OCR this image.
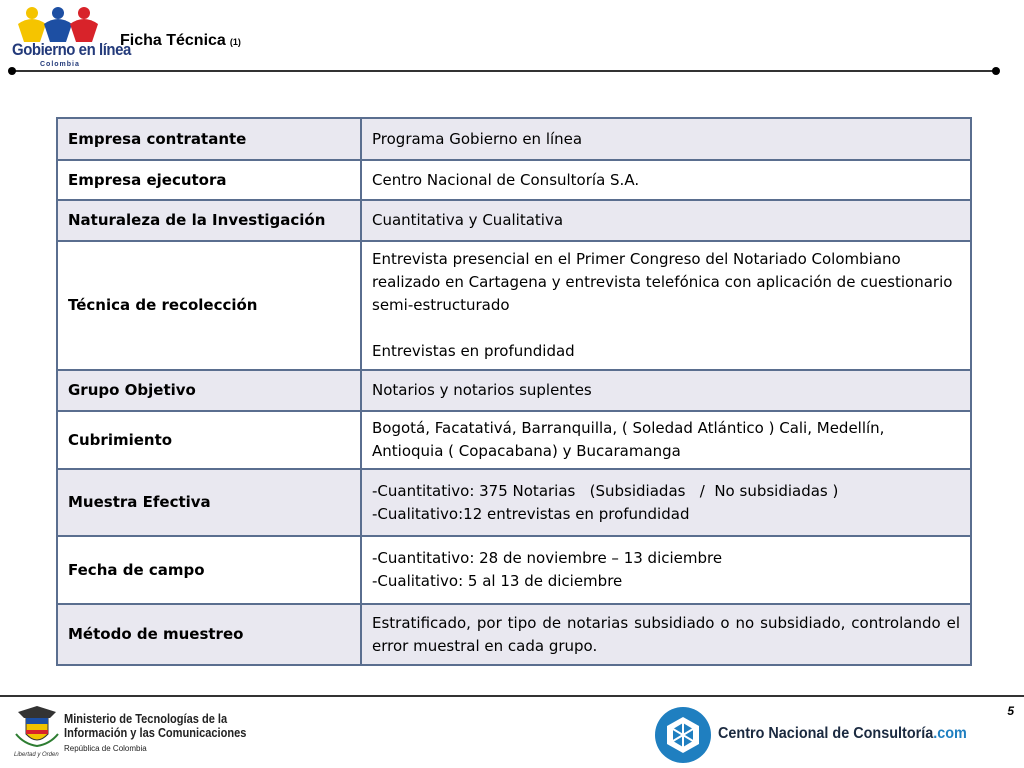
Gobierno en línea
Colombia
Ficha Técnica (1)
Empresa contratante	Programa Gobierno en línea

Empresa ejecutora	Centro Nacional de Consultoría S.A.

Naturaleza de la Investigación	Cuantitativa y Cualitativa

Técnica de recolección	Entrevista presencial en el Primer Congreso del Notariado Colombiano realizado en Cartagena y entrevista telefónica con aplicación de cuestionario semi-estructurado
Entrevistas en profundidad

Grupo Objetivo	Notarios y notarios suplentes

Cubrimiento	Bogotá, Facatativá, Barranquilla, ( Soledad Atlántico ) Cali, Medellín, Antioquia ( Copacabana) y Bucaramanga

Muestra Efectiva	-Cuantitativo: 375 Notarias   (Subsidiadas   /  No subsidiadas )
-Cualitativo:12 entrevistas en profundidad

Fecha de campo	-Cuantitativo: 28 de noviembre – 13 diciembre
-Cualitativo: 5 al 13 de diciembre

Método de muestreo	Estratificado, por tipo de notarias subsidiado o no subsidiado, controlando el error muestral en cada grupo.
5
Ministerio de Tecnologías de la
Información y las Comunicaciones
República de Colombia
Libertad y Orden
Centro Nacional de Consultoría.com
